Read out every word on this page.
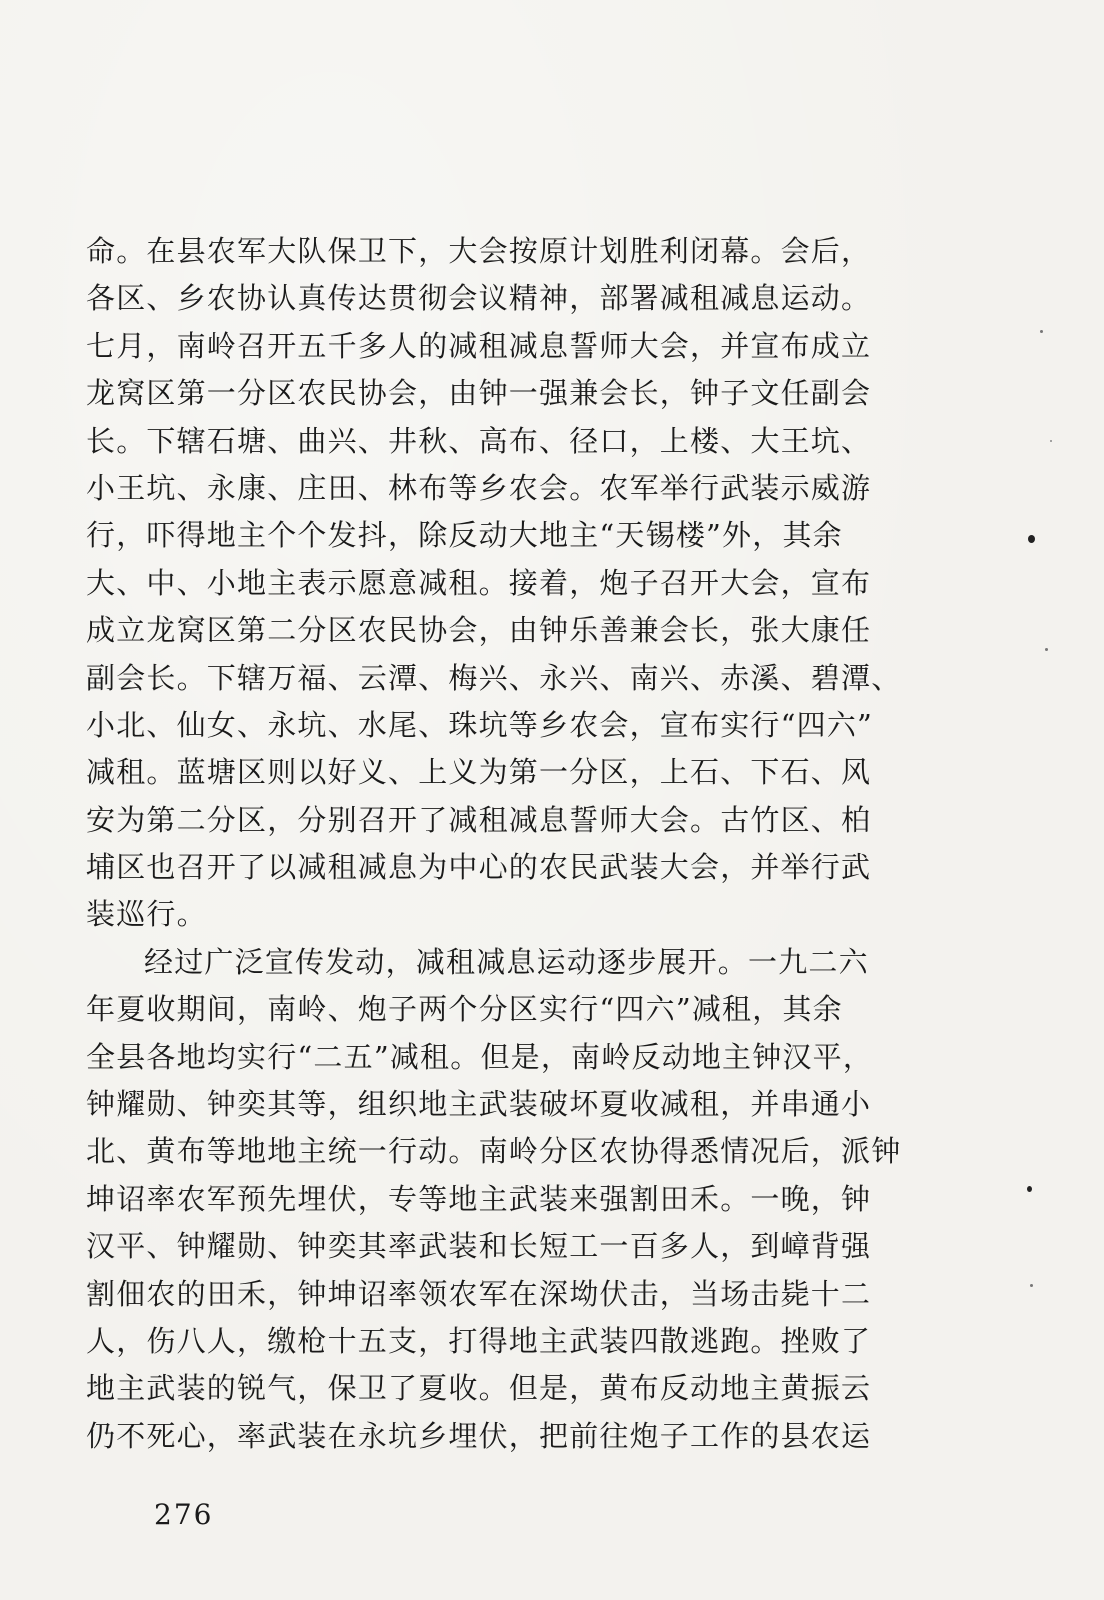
命。在县农军大队保卫下，大会按原计划胜利闭幕。会后，
各区、乡农协认真传达贯彻会议精神，部署减租减息运动。
七月，南岭召开五千多人的减租减息誓师大会，并宣布成立
龙窝区第一分区农民协会，由钟一强兼会长，钟子文任副会
长。下辖石塘、曲兴、井秋、高布、径口，上楼、大王坑、
小王坑、永康、庄田、林布等乡农会。农军举行武装示威游
行，吓得地主个个发抖，除反动大地主“天锡楼”外，其余
大、中、小地主表示愿意减租。接着，炮子召开大会，宣布
成立龙窝区第二分区农民协会，由钟乐善兼会长，张大康任
副会长。下辖万福、云潭、梅兴、永兴、南兴、赤溪、碧潭、
小北、仙女、永坑、水尾、珠坑等乡农会，宣布实行“四六”
减租。蓝塘区则以好义、上义为第一分区，上石、下石、风
安为第二分区，分别召开了减租减息誓师大会。古竹区、柏
埔区也召开了以减租减息为中心的农民武装大会，并举行武
装巡行。
经过广泛宣传发动，减租减息运动逐步展开。一九二六
年夏收期间，南岭、炮子两个分区实行“四六”减租，其余
全县各地均实行“二五”减租。但是，南岭反动地主钟汉平，
钟耀勋、钟奕其等，组织地主武装破坏夏收减租，并串通小
北、黄布等地地主统一行动。南岭分区农协得悉情况后，派钟
坤诏率农军预先埋伏，专等地主武装来强割田禾。一晚，钟
汉平、钟耀勋、钟奕其率武装和长短工一百多人，到嶂背强
割佃农的田禾，钟坤诏率领农军在深坳伏击，当场击毙十二
人，伤八人，缴枪十五支，打得地主武装四散逃跑。挫败了
地主武装的锐气，保卫了夏收。但是，黄布反动地主黄振云
仍不死心，率武装在永坑乡埋伏，把前往炮子工作的县农运
276
